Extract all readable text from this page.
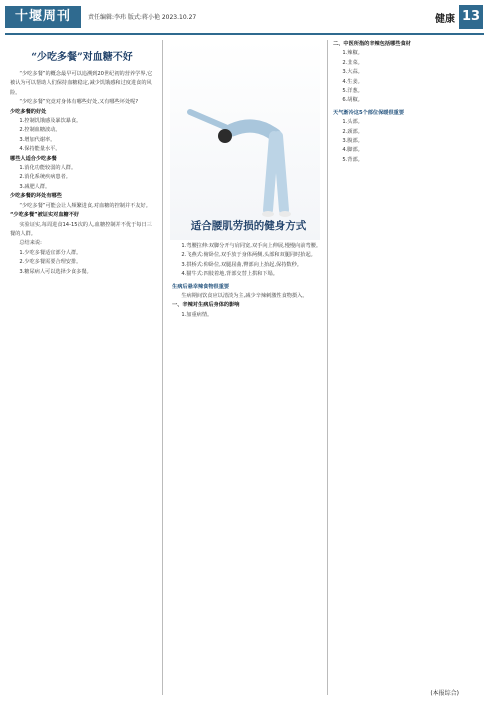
十堰周刊	责任编辑:李玮 版式:蒋小艳 2023.10.27	健康 13
“少吃多餐”对血糖不好

“少吃多餐”的概念最早可以追溯到20世纪初的营养学界,它被认为可以帮助人们保持血糖稳定,减少饥饿感和过度进食的风险。

“少吃多餐”究竟对身体有哪些好处,又有哪些坏处呢?

少吃多餐的好处

1.控制饥饿感及暴饮暴食。

2.控制血糖波动。

3.增加代谢率。

4.保持能量水平。

哪些人适合少吃多餐

1.消化功能较弱的人群。

2.消化系统疾病患者。

3.减肥人群。

少吃多餐的坏处有哪些

“少吃多餐”可能会让人频繁进食,对血糖的控制并不友好。

“少吃多餐”被证实对血糖不好

实验证实,每周进食14-15次的人,血糖控制并不优于每日三餐的人群。

总结来说:

1.少吃多餐适宜部分人群。

2.少吃多餐需要合理安排。

3.糖尿病人可以选择少食多餐。

适合腰肌劳损的健身方式

1.弯腰拉伸:双脚分开与肩同宽,双手向上伸展,慢慢向前弯腰。

2.飞燕式:俯卧位,双手放于身体两侧,头部和双腿同时抬起。

3.拱桥式:仰卧位,双腿屈曲,臀部向上抬起,保持数秒。

4.猫牛式:四肢着地,背部交替上拱和下塌。

生病后悬幸辣食物很重要

生病期间饮食应以清淡为主,减少辛辣刺激性食物摄入。

一、辛辣对生病后身体的影响

1.加重病情。

二、中医所指的辛辣包括哪些食材

1.辣椒。

2.韭菜。

3.大蒜。

4.生姜。

5.洋葱。

6.胡椒。

天气渐冷这5个部位保暖很重要

1.头部。

2.颈部。

3.腹部。

4.脚部。

5.背部。

(本报综合)
